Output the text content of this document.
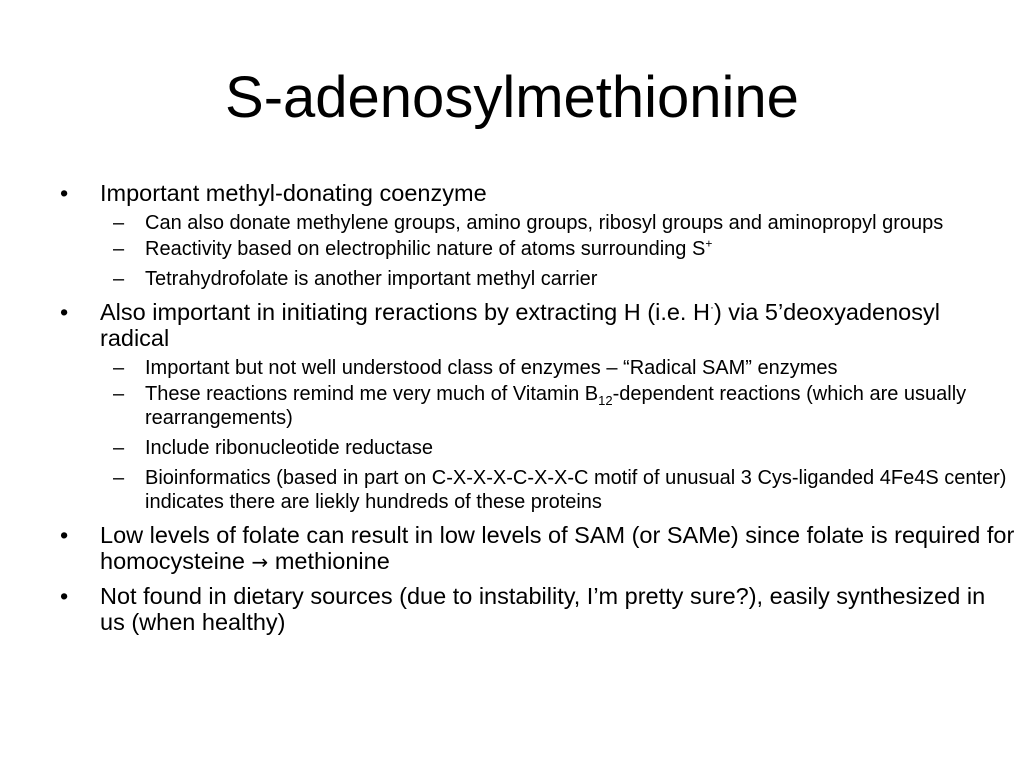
S-adenosylmethionine
•	Important methyl-donating coenzyme
– Can also donate methylene groups, amino groups, ribosyl groups and aminopropyl groups
– Reactivity based on electrophilic nature of atoms surrounding S+
– Tetrahydrofolate is another important methyl carrier
•	Also important in initiating reractions by extracting H (i.e. H·) via 5’deoxyadenosyl radical
– Important but not well understood class of enzymes – “Radical SAM” enzymes
– These reactions remind me very much of Vitamin $B_{12}$-dependent reactions (which are usually rearrangements)
– Include ribonucleotide reductase
– Bioinformatics (based in part on C-X-X-X-C-X-X-C motif of unusual 3 Cys-liganded 4Fe4S center) indicates there are liekly hundreds of these proteins
•	Low levels of folate can result in low levels of SAM (or SAMe) since folate is required for homocysteine → methionine
•	Not found in dietary sources (due to instability, I’m pretty sure?), easily synthesized in us (when healthy)
